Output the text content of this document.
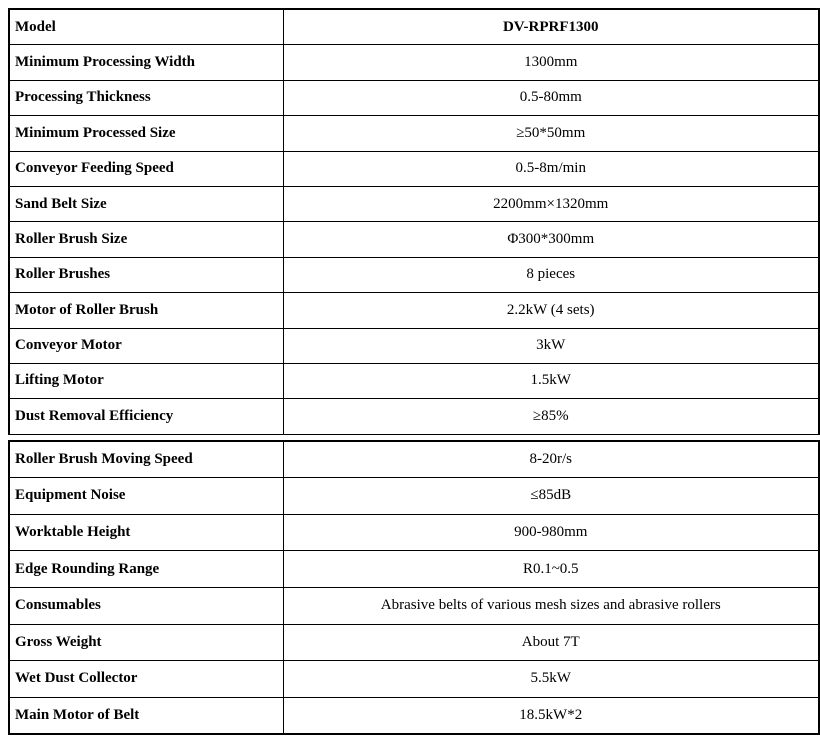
Model	DV-RPRF1300
Minimum Processing Width	1300mm
Processing Thickness	0.5-80mm
Minimum Processed Size	≥50*50mm
Conveyor Feeding Speed	0.5-8m/min
Sand Belt Size	2200mm×1320mm
Roller Brush Size	Φ300*300mm
Roller Brushes	8 pieces
Motor of Roller Brush	2.2kW (4 sets)
Conveyor Motor	3kW
Lifting Motor	1.5kW
Dust Removal Efficiency	≥85%
Roller Brush Moving Speed	8-20r/s
Equipment Noise	≤85dB
Worktable Height	900-980mm
Edge Rounding Range	R0.1~0.5
Consumables	Abrasive belts of various mesh sizes and abrasive rollers
Gross Weight	About 7T
Wet Dust Collector	5.5kW
Main Motor of Belt	18.5kW*2
